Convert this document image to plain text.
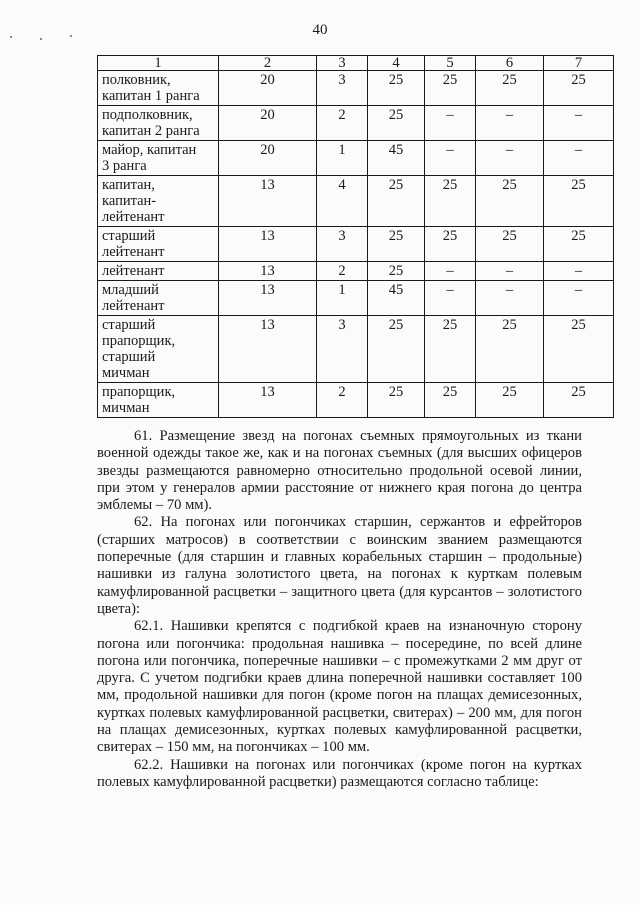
40
1	2	3	4	5	6	7

полковник,
капитан 1 ранга	20	3	25	25	25	25

подполковник,
капитан 2 ранга	20	2	25	–	–	–

майор, капитан
3 ранга	20	1	45	–	–	–

капитан,
капитан-
лейтенант	13	4	25	25	25	25

старший
лейтенант	13	3	25	25	25	25

лейтенант	13	2	25	–	–	–

младший
лейтенант	13	1	45	–	–	–

старший
прапорщик,
старший
мичман	13	3	25	25	25	25

прапорщик,
мичман	13	2	25	25	25	25

61. Размещение звезд на погонах съемных прямоугольных из ткани военной одежды такое же, как и на погонах съемных (для высших офицеров звезды размещаются равномерно относительно продольной осевой линии, при этом у генералов армии расстояние от нижнего края погона до центра эмблемы – 70 мм).

62. На погонах или погончиках старшин, сержантов и ефрейторов (старших матросов) в соответствии с воинским званием размещаются поперечные (для старшин и главных корабельных старшин – продольные) нашивки из галуна золотистого цвета, на погонах к курткам полевым камуфлированной расцветки – защитного цвета (для курсантов – золотистого цвета):

62.1. Нашивки крепятся с подгибкой краев на изнаночную сторону погона или погончика: продольная нашивка – посередине, по всей длине погона или погончика, поперечные нашивки – с промежутками 2 мм друг от друга. С учетом подгибки краев длина поперечной нашивки составляет 100 мм, продольной нашивки для погон (кроме погон на плащах демисезонных, куртках полевых камуфлированной расцветки, свитерах) – 200 мм, для погон на плащах демисезонных, куртках полевых камуфлированной расцветки, свитерах – 150 мм, на погончиках – 100 мм.

62.2. Нашивки на погонах или погончиках (кроме погон на куртках полевых камуфлированной расцветки) размещаются согласно таблице:
